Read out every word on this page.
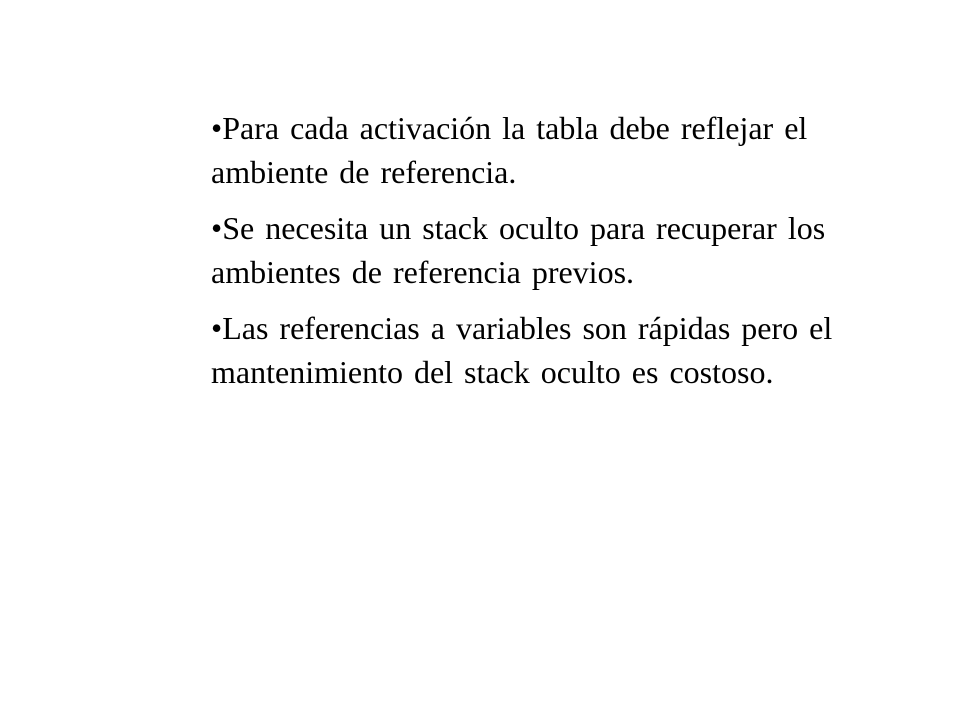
•Para cada activación la tabla debe reflejar el ambiente de referencia.
•Se necesita un stack oculto para recuperar los ambientes de referencia previos.
•Las referencias a variables son rápidas pero el mantenimiento del stack oculto es costoso.
